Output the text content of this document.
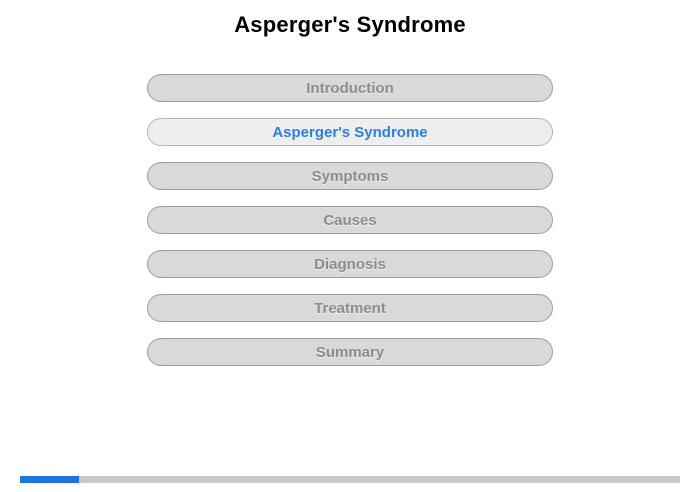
Asperger's Syndrome
Introduction
Asperger's Syndrome
Symptoms
Causes
Diagnosis
Treatment
Summary
